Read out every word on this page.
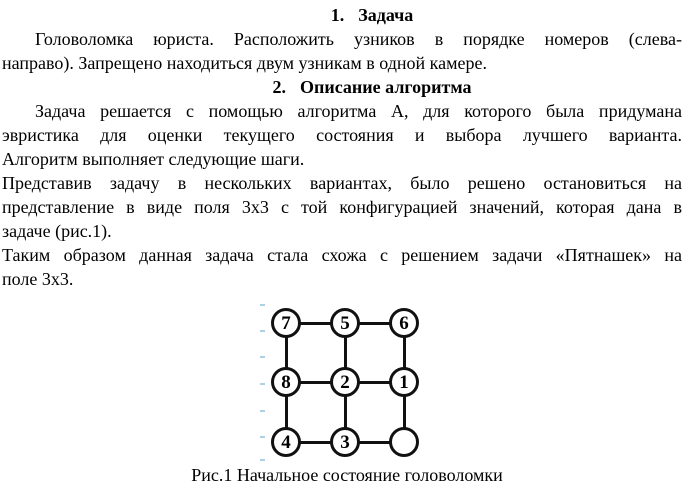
1. Задача
Головоломка юриста. Расположить узников в порядке номеров (слева-
направо). Запрещено находиться двум узникам в одной камере.
2. Описание алгоритма
Задача решается с помощью алгоритма А, для которого была придумана
эвристика для оценки текущего состояния и выбора лучшего варианта.
Алгоритм выполняет следующие шаги.
Представив задачу в нескольких вариантах, было решено остановиться на
представление в виде поля 3х3 с той конфигурацией значений, которая дана в
задаче (рис.1).
Таким образом данная задача стала схожа с решением задачи «Пятнашек» на
поле 3х3.
7	5	6
8	2	1
4	3
Рис.1 Начальное состояние головоломки
